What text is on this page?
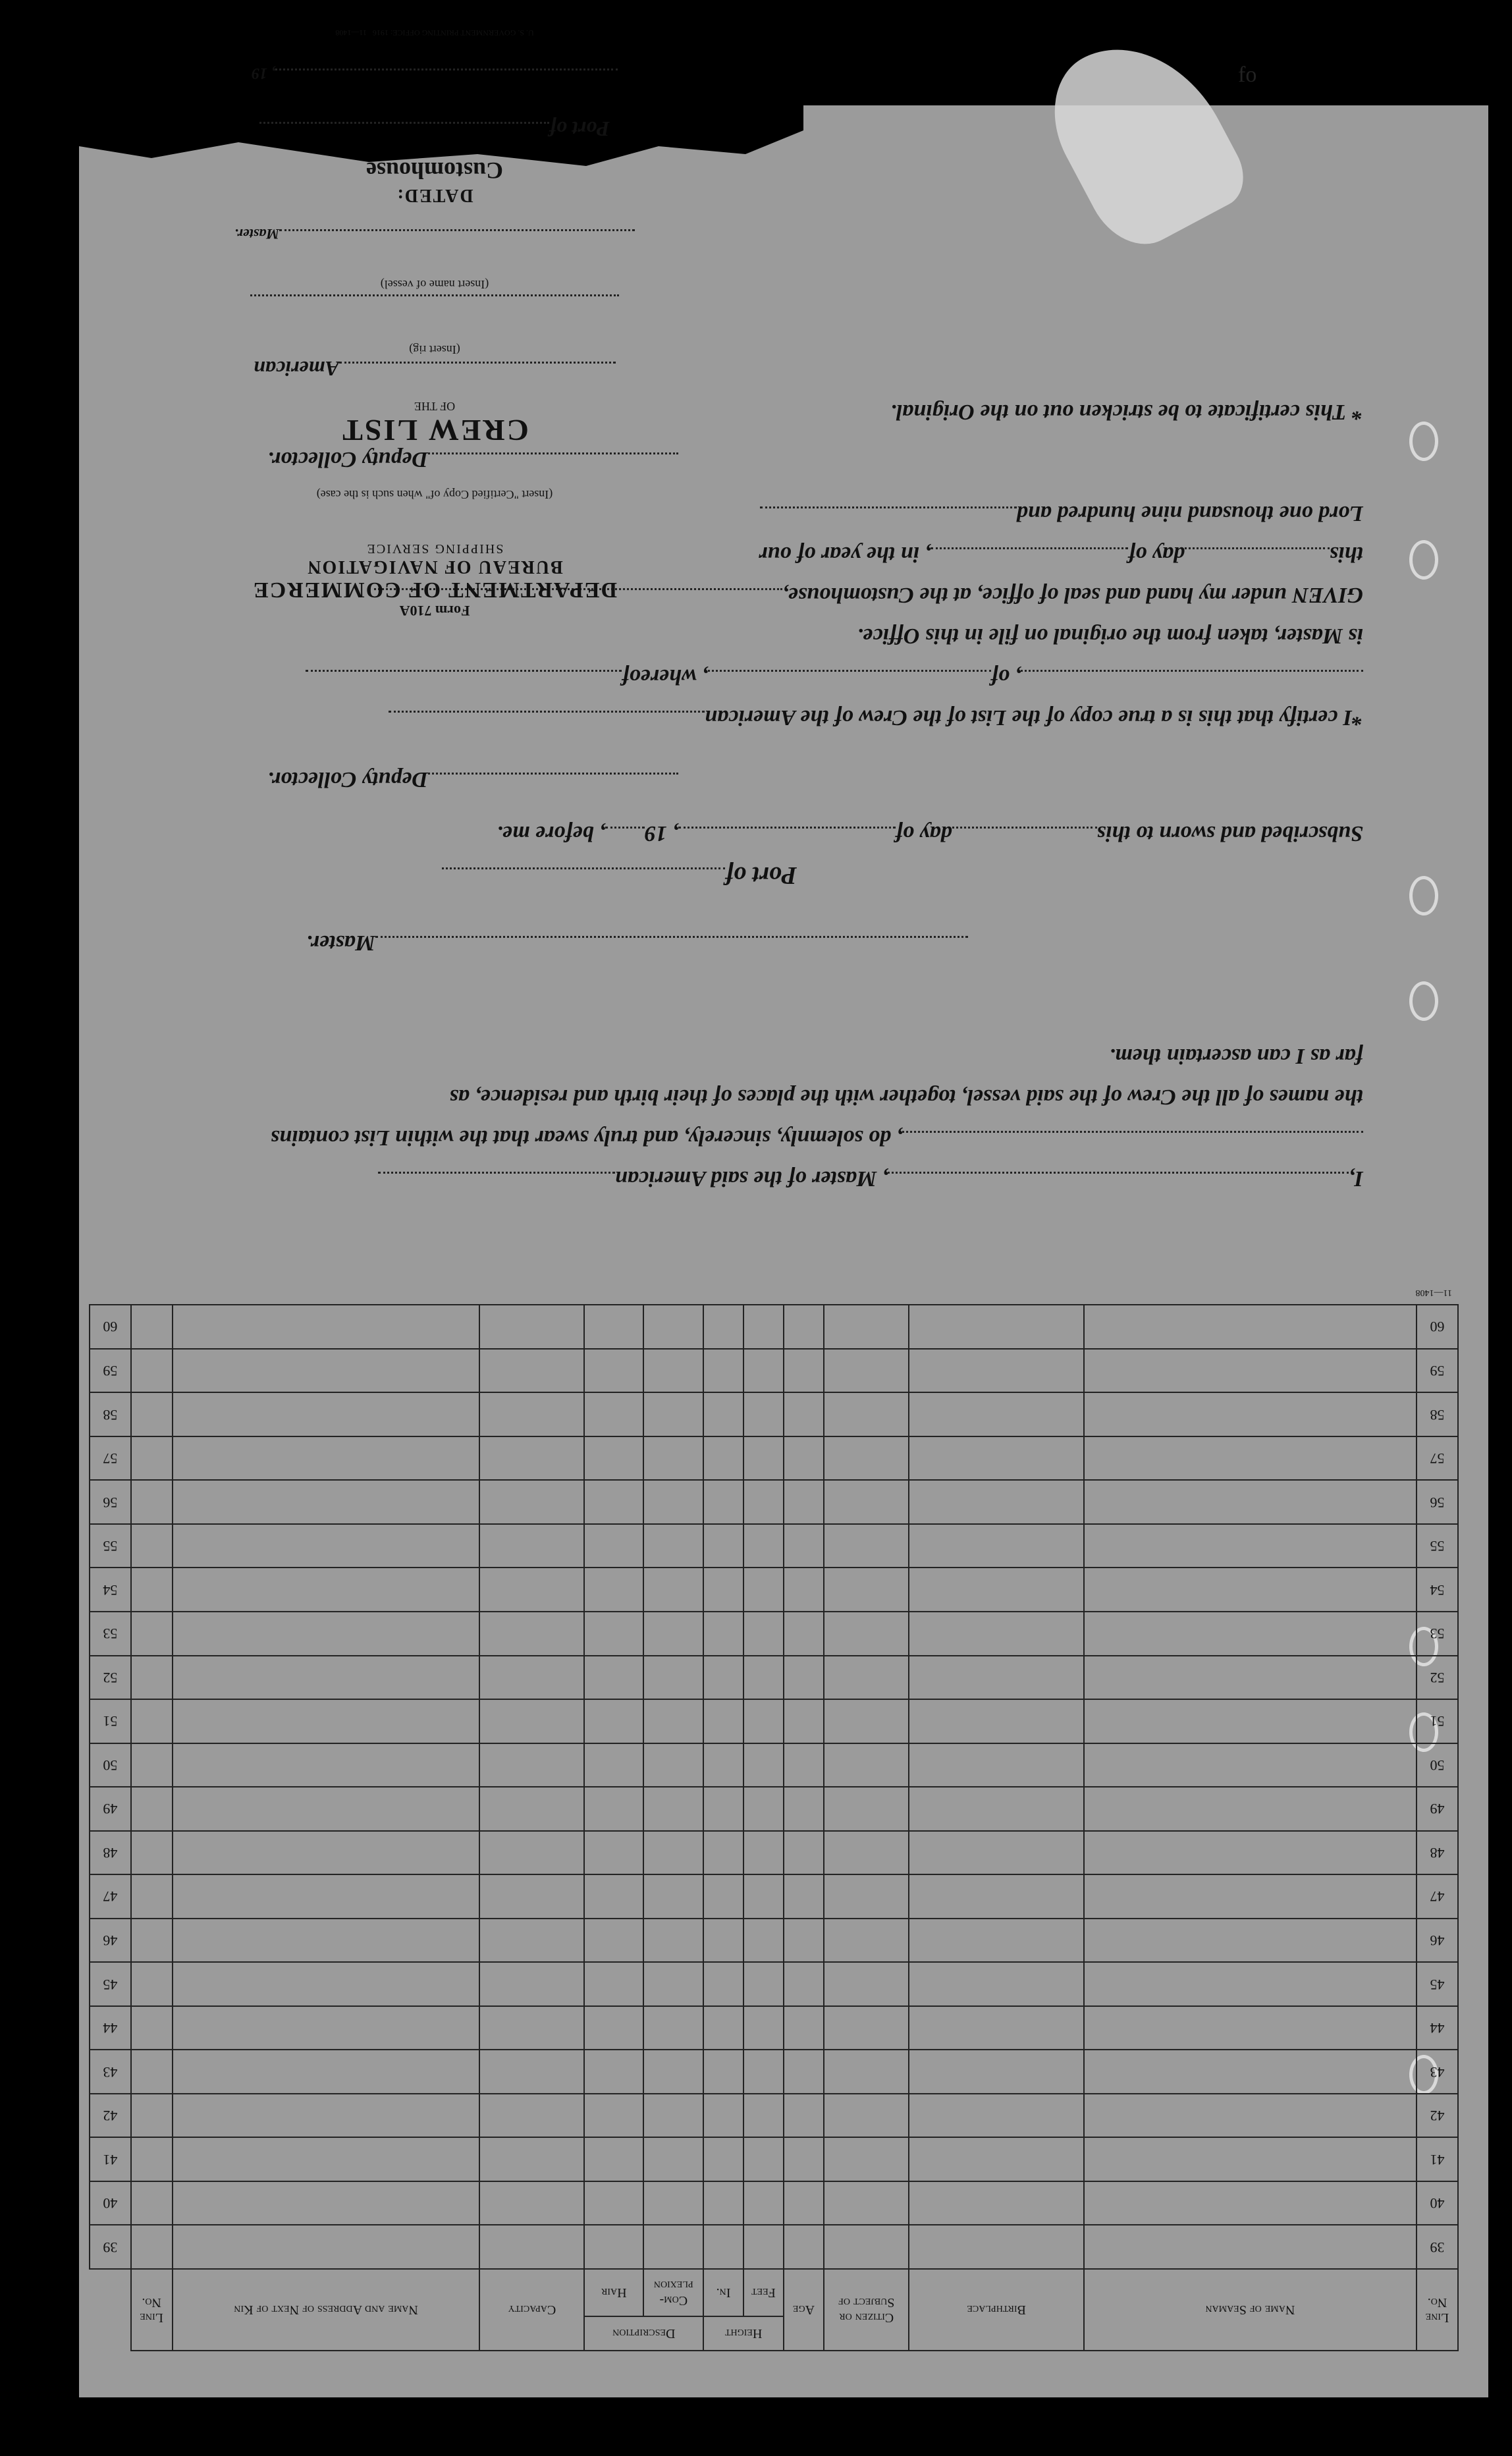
fo

I,, Master of the said American

, do solemnly, sincerely, and truly swear that the within List contains

the names of all the Crew of the said vessel, together with the places of their birth and residence, as

far as I can ascertain them.

Master.

Port of

Subscribed and sworn to thisday of, 19, before me.

Deputy Collector.

*I certify that this is a true copy of the List of the Crew of the American

, of, whereof

is Master, taken from the original on file in this Office.

GIVEN under my hand and seal of office, at the Customhouse,

thisday of, in the year of our

Lord one thousand nine hundred and

Deputy Collector.

* This certificate to be stricken out on the Original.

Form 710A
DEPARTMENT OF COMMERCE
BUREAU OF NAVIGATION
SHIPPING SERVICE
(Insert "Certified Copy of" when such is the case)
CREW LIST
OF THE
American
(Insert rig)
(Insert name of vessel)
Master.
DATED:
Customhouse
Port of
, 19
U. S. GOVERNMENT PRINTING OFFICE: 1916   11—1408
Line No.	Name of Seaman	Birthplace	Citizen or Subject of	Age	Height		Description		Capacity	Name and Address of Next of Kin	Line No.	
					Feet	In.	Com-plexion	Hair				
39												39
40												40
41												41
42												42
43												43
44												44
45												45
46												46
47												47
48												48
49												49
50												50
51												51
52												52
53												53
54												54
55												55
56												56
57												57
58												58
59												59
60												60
11—1408
